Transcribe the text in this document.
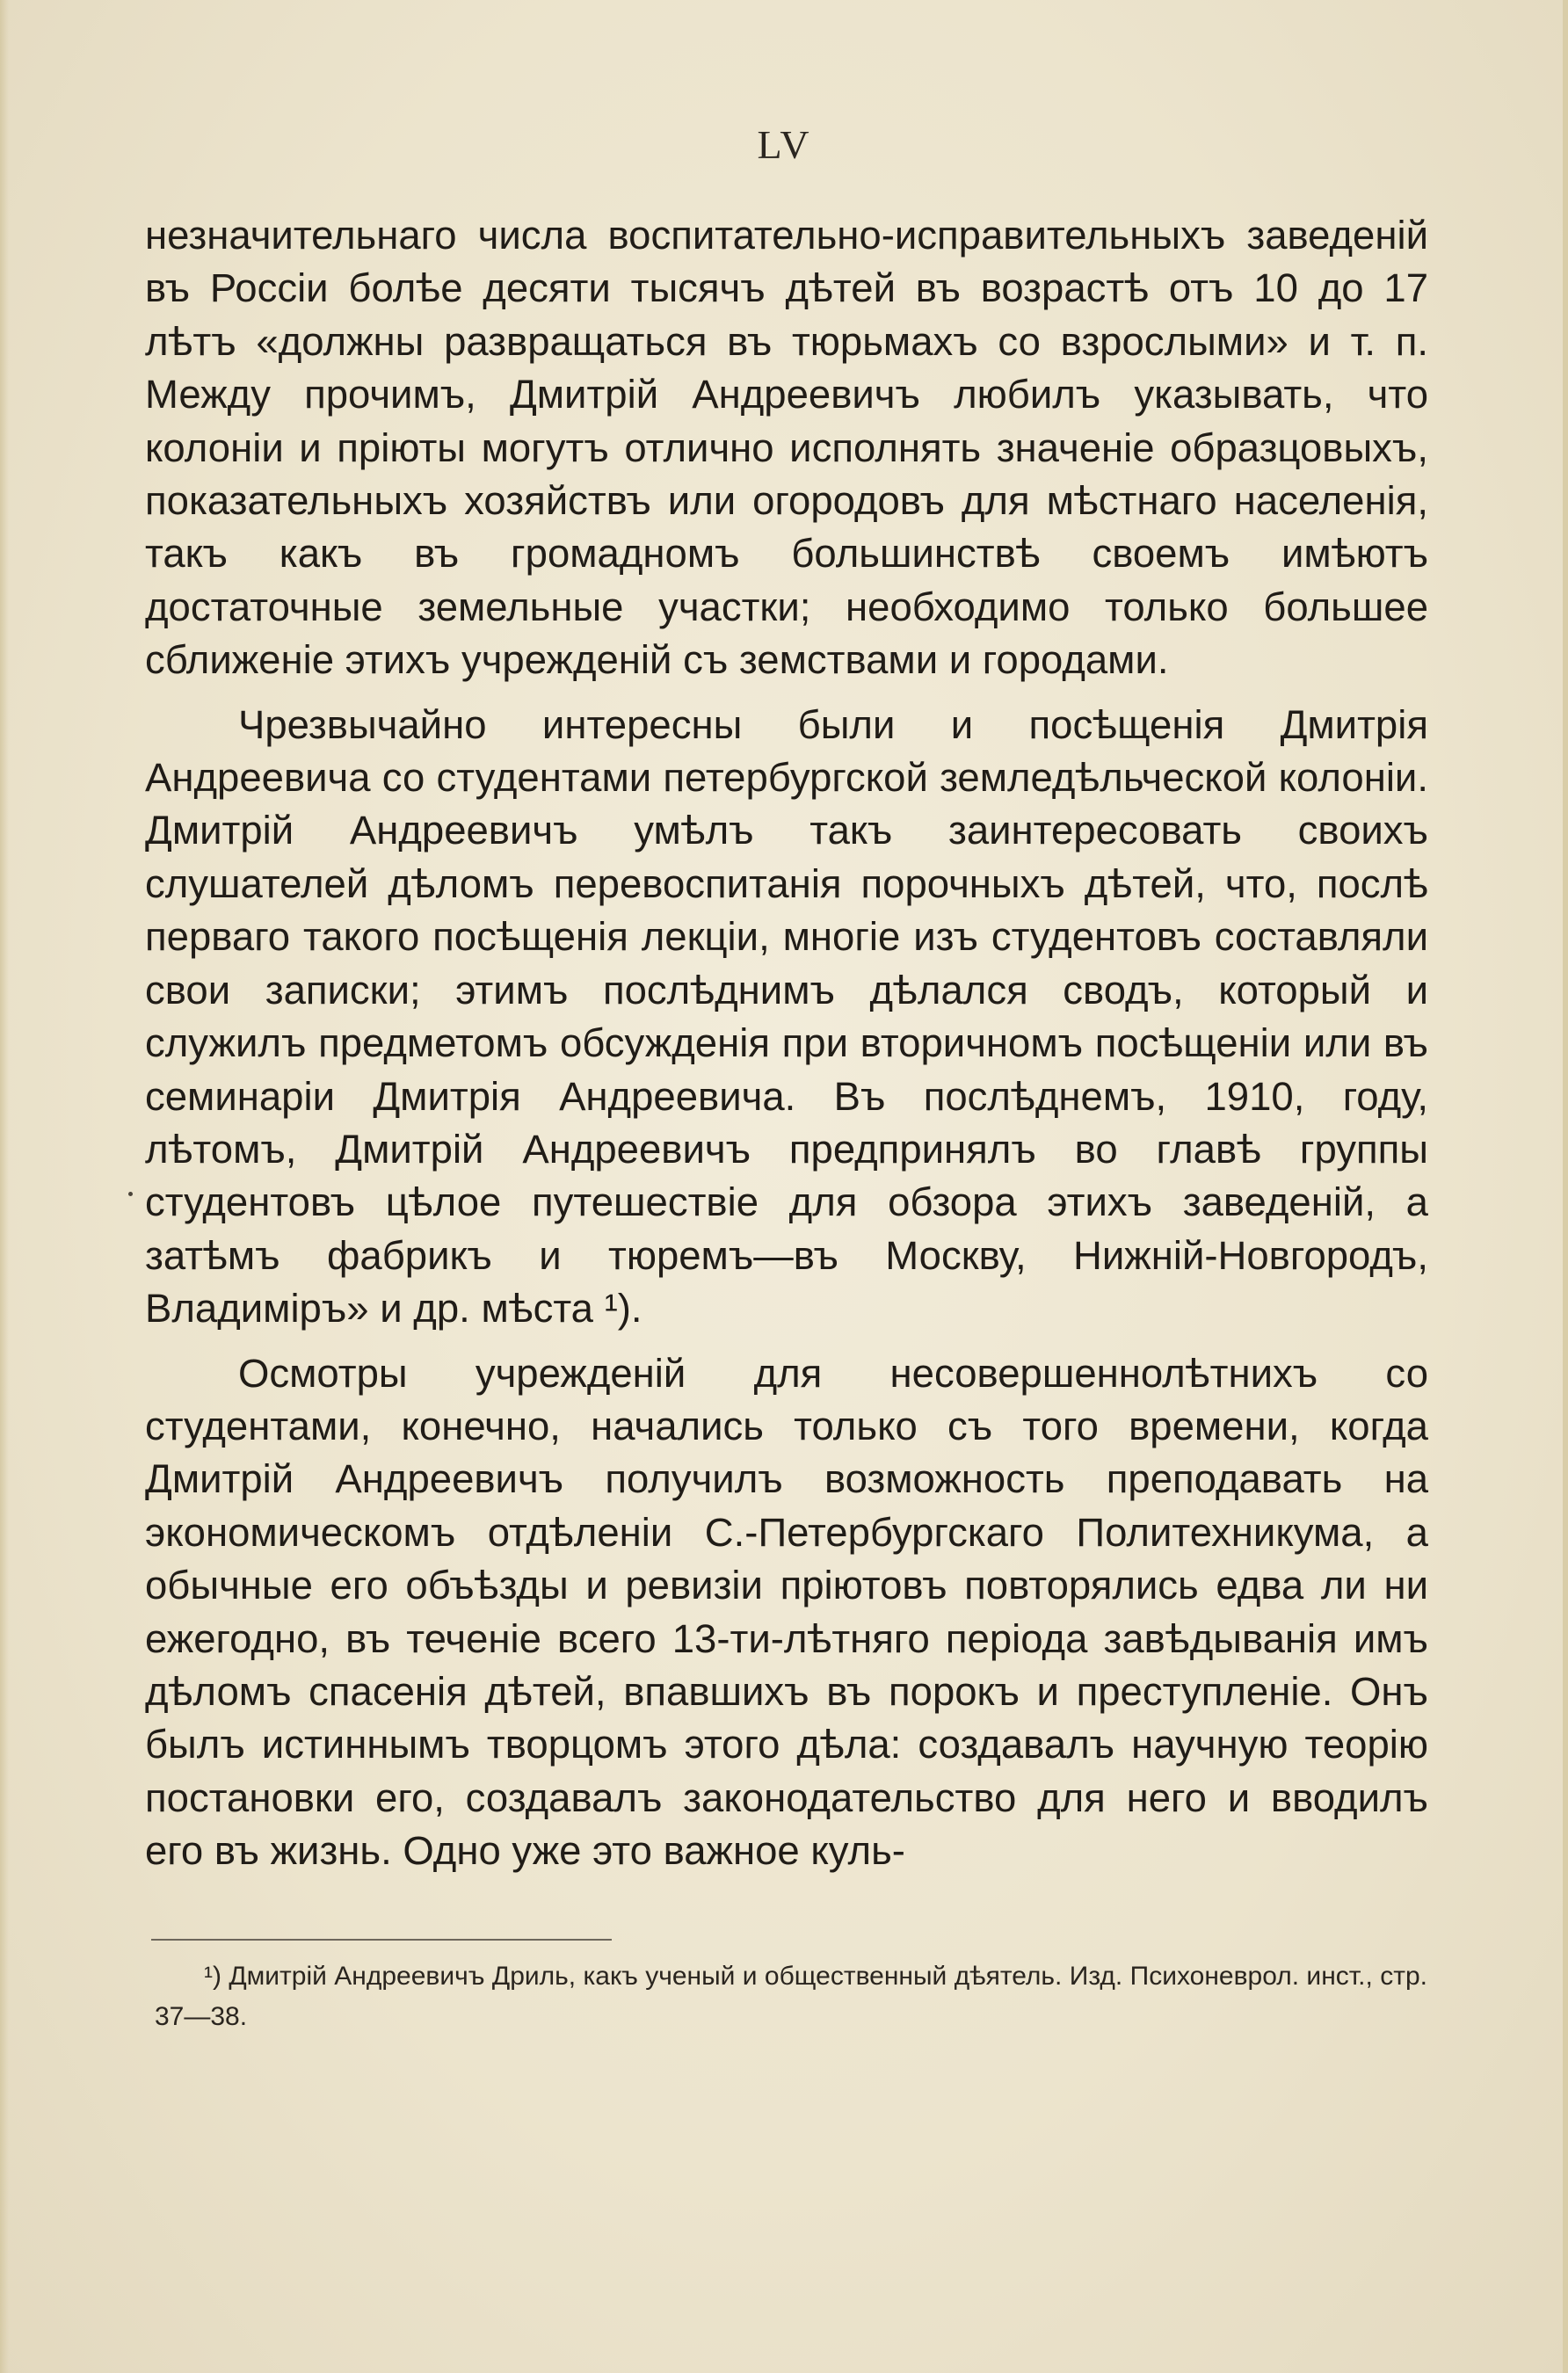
LV

незначительнаго числа воспитательно-исправительныхъ заведеній въ Россіи болѣе десяти тысячъ дѣтей въ возрастѣ отъ 10 до 17 лѣтъ «должны развращаться въ тюрьмахъ со взрослыми» и т. п. Между прочимъ, Дмитрій Андреевичъ любилъ указывать, что колоніи и пріюты могутъ отлично исполнять значеніе образцовыхъ, показательныхъ хозяйствъ или огородовъ для мѣстнаго населенія, такъ какъ въ громадномъ большинствѣ своемъ имѣютъ достаточные земельные участки; необходимо только большее сближеніе этихъ учрежденій съ земствами и городами.

Чрезвычайно интересны были и посѣщенія Дмитрія Андреевича со студентами петербургской земледѣльческой колоніи. Дмитрій Андреевичъ умѣлъ такъ заинтересовать своихъ слушателей дѣломъ перевоспитанія порочныхъ дѣтей, что, послѣ перваго такого посѣщенія лекціи, многіе изъ студентовъ составляли свои записки; этимъ послѣднимъ дѣлался сводъ, который и служилъ предметомъ обсужденія при вторичномъ посѣщеніи или въ семинаріи Дмитрія Андреевича. Въ послѣднемъ, 1910, году, лѣтомъ, Дмитрій Андреевичъ предпринялъ во главѣ группы студентовъ цѣлое путешествіе для обзора этихъ заведеній, а затѣмъ фабрикъ и тюремъ—въ Москву, Нижній-Новгородъ, Владиміръ» и др. мѣста ¹).

Осмотры учрежденій для несовершеннолѣтнихъ со студентами, конечно, начались только съ того времени, когда Дмитрій Андреевичъ получилъ возможность преподавать на экономическомъ отдѣленіи С.-Петербургскаго Политехникума, а обычные его объѣзды и ревизіи пріютовъ повторялись едва ли ни ежегодно, въ теченіе всего 13-ти-лѣтняго періода завѣдыванія имъ дѣломъ спасенія дѣтей, впавшихъ въ порокъ и преступленіе. Онъ былъ истиннымъ творцомъ этого дѣла: создавалъ научную теорію постановки его, создавалъ законодательство для него и вводилъ его въ жизнь. Одно уже это важное куль-

¹) Дмитрій Андреевичъ Дриль, какъ ученый и общественный дѣятель. Изд. Психоневрол. инст., стр. 37—38.
